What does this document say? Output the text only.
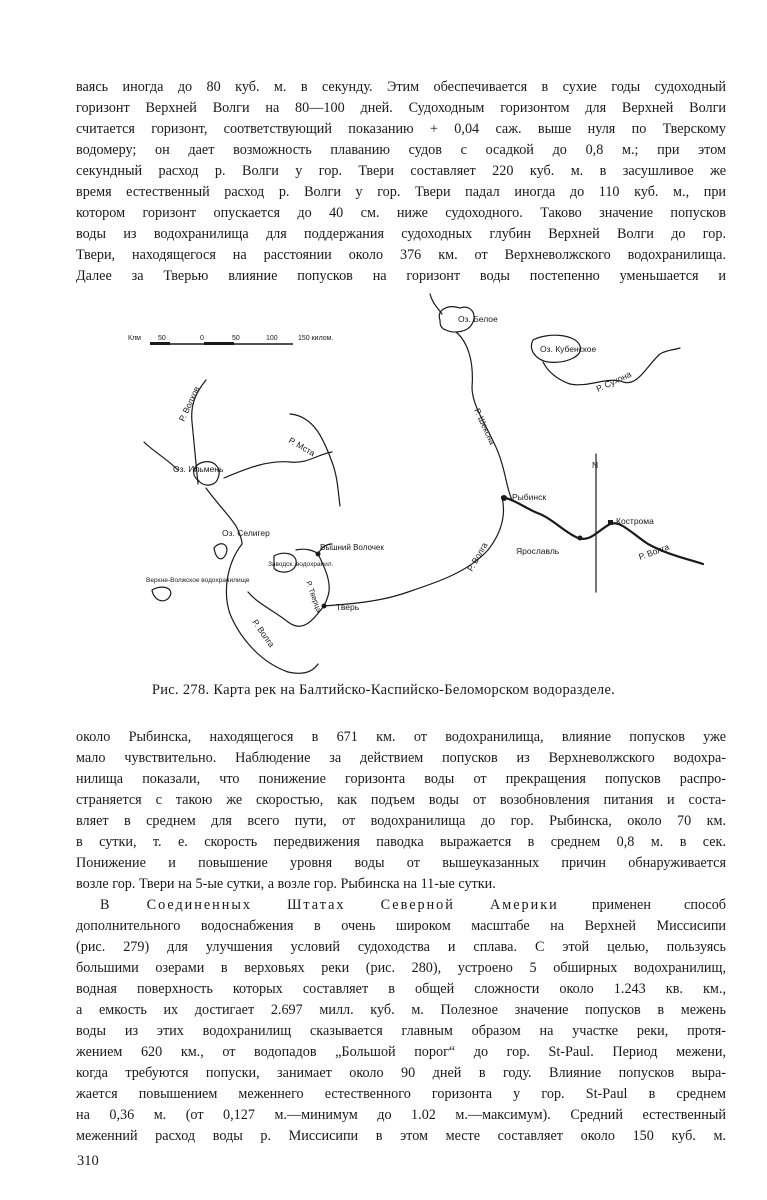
ваясь иногда до 80 куб. м. в секунду. Этим обеспечивается в сухие годы судоходный
горизонт Верхней Волги на 80—100 дней. Судоходным горизонтом для Верхней Волги
считается горизонт, соответствующий показанию + 0,04 саж. выше нуля по Тверскому
водомеру; он дает возможность плаванию судов с осадкой до 0,8 м.; при этом
секундный расход р. Волги у гор. Твери составляет 220 куб. м. в засушливое же
время естественный расход р. Волги у гор. Твери падал иногда до 110 куб. м., при
котором горизонт опускается до 40 см. ниже судоходного. Таково значение попусков
воды из водохранилища для поддержания судоходных глубин Верхней Волги до гор.
Твери, находящегося на расстоянии около 376 км. от Верхневолжского водохранилища.
Далее за Тверью влияние попусков на горизонт воды постепенно уменьшается и
Клм 50	0	50	100	150 килом.
Оз. Белое
Оз. Кубенское
Р. Сухона
Р. Шексна
Рыбинск
Кострома
Ярославль	Р. Волга
Оз. Ильмень
Р. Мста
Р. Волхов
Оз. Селигер
Вышний Волочек
Заводск. водохранил.
Р. Тверца
Верхне-Волжское водохранилище
Тверь
Р. Волга
Р. Волга
N
Рис. 278. Карта рек на Балтийско-Каспийско-Беломорском водоразделе.
около Рыбинска, находящегося в 671 км. от водохранилища, влияние попусков уже
мало чувствительно. Наблюдение за действием попусков из Верхневолжского водохра-
нилища показали, что понижение горизонта воды от прекращения попусков распро-
страняется с такою же скоростью, как подъем воды от возобновления питания и соста-
вляет в среднем для всего пути, от водохранилища до гор. Рыбинска, около 70 км.
в сутки, т. е. скорость передвижения паводка выражается в среднем 0,8 м. в сек.
Понижение и повышение уровня воды от вышеуказанных причин обнаруживается
возле гор. Твери на 5-ые сутки, а возле гор. Рыбинска на 11-ые сутки.
В Соединенных Штатах Северной Америки применен способ
дополнительного водоснабжения в очень широком масштабе на Верхней Миссисипи
(рис. 279) для улучшения условий судоходства и сплава. С этой целью, пользуясь
большими озерами в верховьях реки (рис. 280), устроено 5 обширных водохранилищ,
водная поверхность которых составляет в общей сложности около 1.243 кв. км.,
а емкость их достигает 2.697 милл. куб. м. Полезное значение попусков в межень
воды из этих водохранилищ сказывается главным образом на участке реки, протя-
жением 620 км., от водопадов „Большой порог“ до гор. St-Paul. Период межени,
когда требуются попуски, занимает около 90 дней в году. Влияние попусков выра-
жается повышением меженнего естественного горизонта у гор. St-Paul в среднем
на 0,36 м. (от 0,127 м.—минимум до 1.02 м.—максимум). Средний естественный
меженний расход воды р. Миссисипи в этом месте составляет около 150 куб. м.
310
